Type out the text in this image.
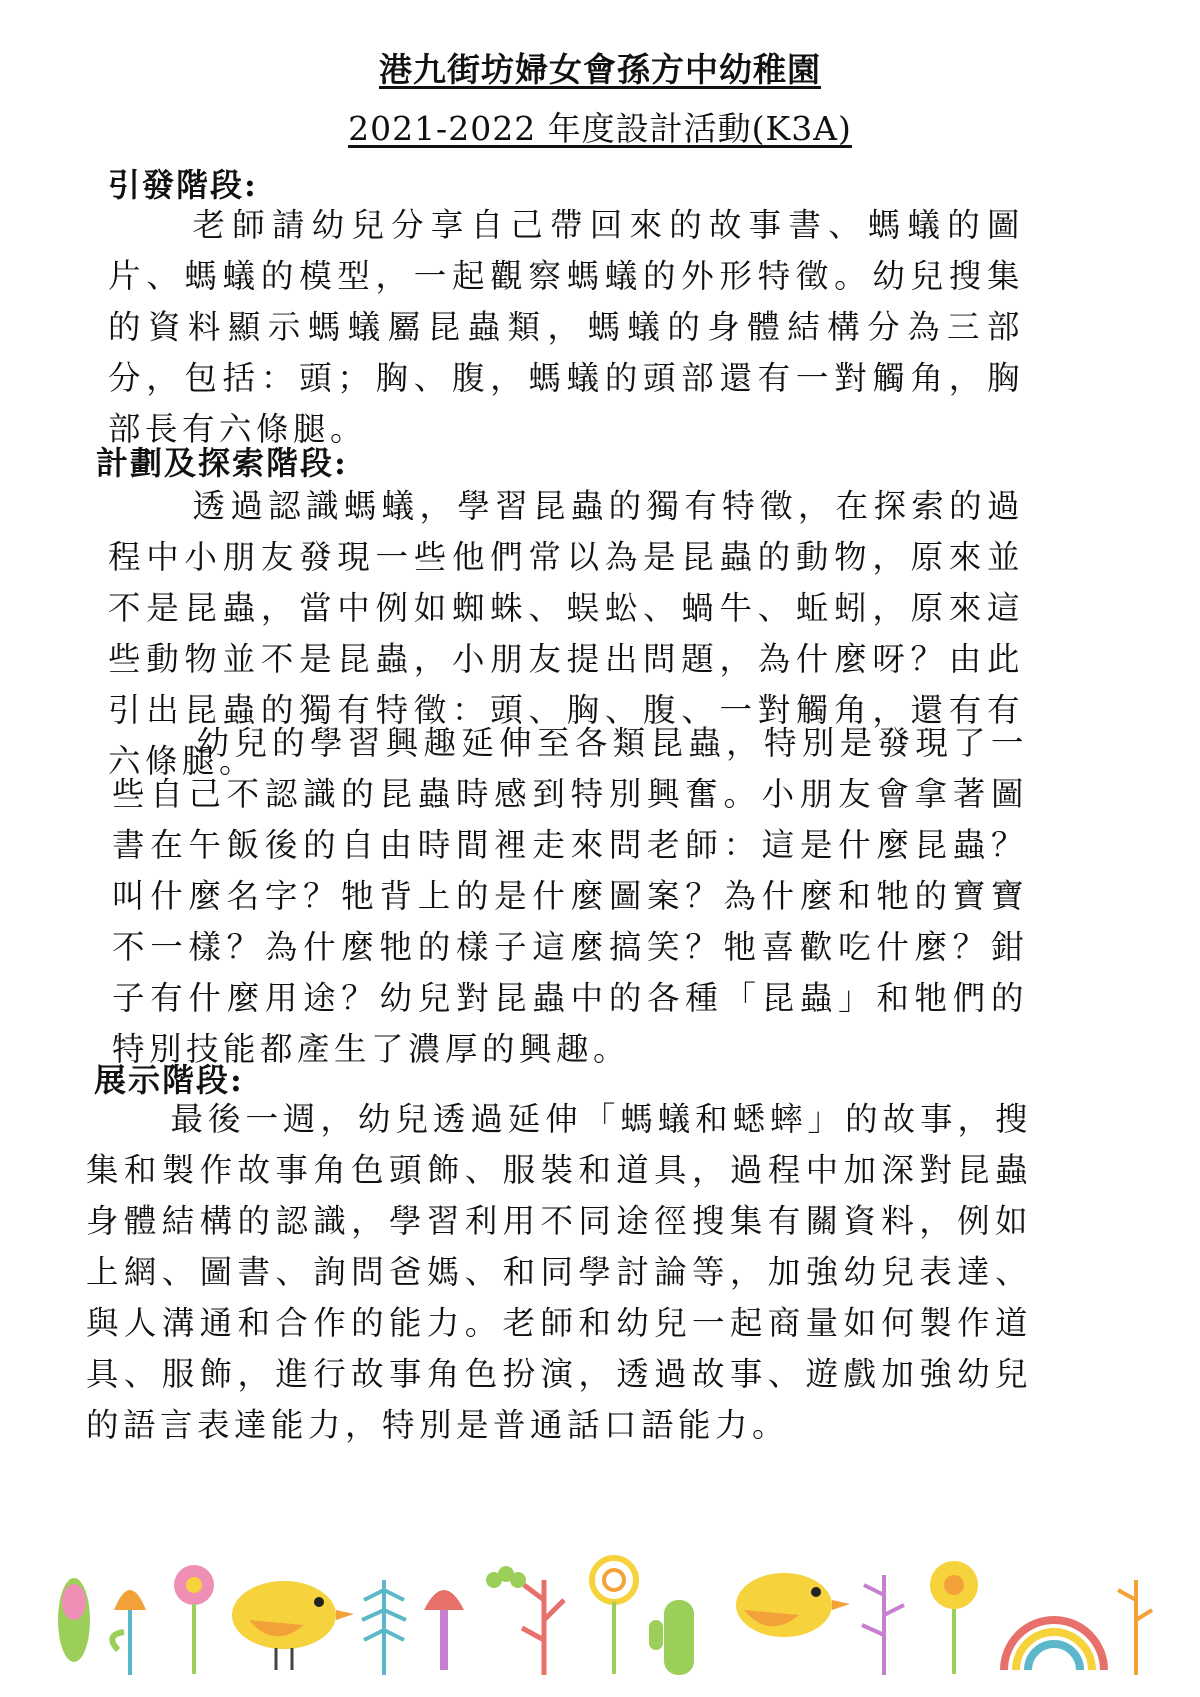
港九街坊婦女會孫方中幼稚園
2021-2022 年度設計活動(K3A)
引發階段:
老師請幼兒分享自己帶回來的故事書、螞蟻的圖片、螞蟻的模型，一起觀察螞蟻的外形特徵。幼兒搜集的資料顯示螞蟻屬昆蟲類，螞蟻的身體結構分為三部分，包括：頭；胸、腹，螞蟻的頭部還有一對觸角，胸部長有六條腿。
計劃及探索階段:
透過認識螞蟻，學習昆蟲的獨有特徵，在探索的過程中小朋友發現一些他們常以為是昆蟲的動物，原來並不是昆蟲，當中例如蜘蛛、蜈蚣、蝸牛、蚯蚓，原來這些動物並不是昆蟲，小朋友提出問題，為什麼呀？由此引出昆蟲的獨有特徵：頭、胸、腹、一對觸角，還有有六條腿。
幼兒的學習興趣延伸至各類昆蟲，特別是發現了一些自己不認識的昆蟲時感到特別興奮。小朋友會拿著圖書在午飯後的自由時間裡走來問老師：這是什麼昆蟲？叫什麼名字？牠背上的是什麼圖案？為什麼和牠的寶寶不一樣？為什麼牠的樣子這麼搞笑？牠喜歡吃什麼？鉗子有什麼用途？幼兒對昆蟲中的各種「昆蟲」和牠們的特別技能都產生了濃厚的興趣。
展示階段:
最後一週，幼兒透過延伸「螞蟻和蟋蟀」的故事，搜集和製作故事角色頭飾、服裝和道具，過程中加深對昆蟲身體結構的認識，學習利用不同途徑搜集有關資料，例如上網、圖書、詢問爸媽、和同學討論等，加強幼兒表達、與人溝通和合作的能力。老師和幼兒一起商量如何製作道具、服飾，進行故事角色扮演，透過故事、遊戲加強幼兒的語言表達能力，特別是普通話口語能力。
